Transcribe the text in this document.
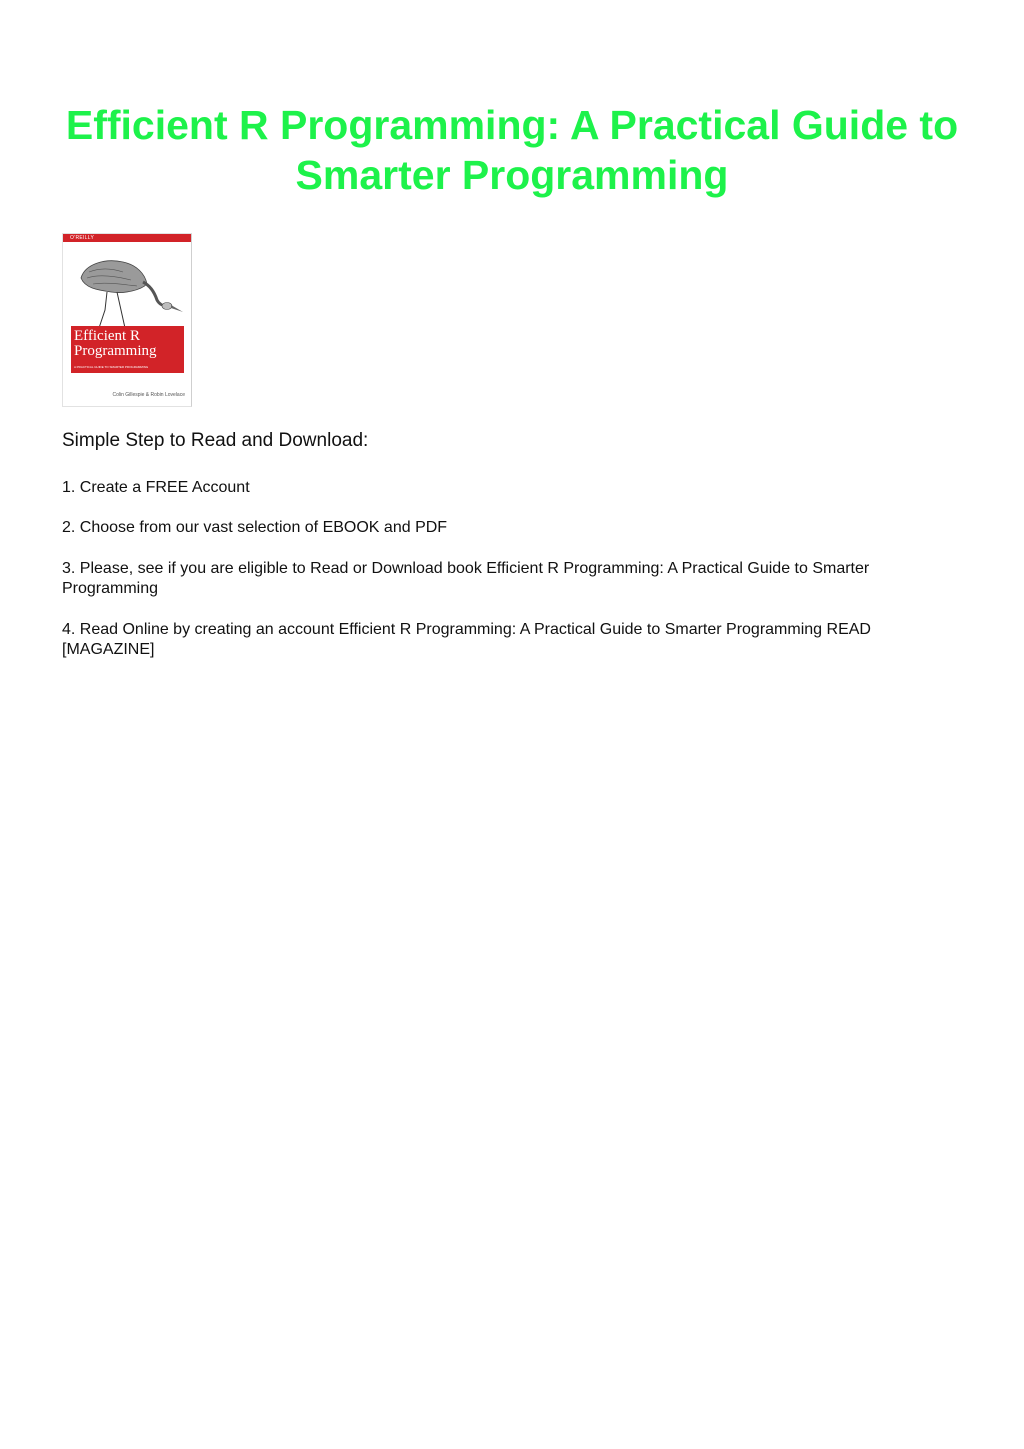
Efficient R Programming: A Practical Guide to Smarter Programming
O'REILLY
Efficient R
Programming
A PRACTICAL GUIDE TO SMARTER PROGRAMMING
Colin Gillespie & Robin Lovelace
Simple Step to Read and Download:

1. Create a FREE Account

2. Choose from our vast selection of EBOOK and PDF

3. Please, see if you are eligible to Read or Download book Efficient R Programming: A Practical Guide to Smarter Programming

4. Read Online by creating an account Efficient R Programming: A Practical Guide to Smarter Programming READ [MAGAZINE]
